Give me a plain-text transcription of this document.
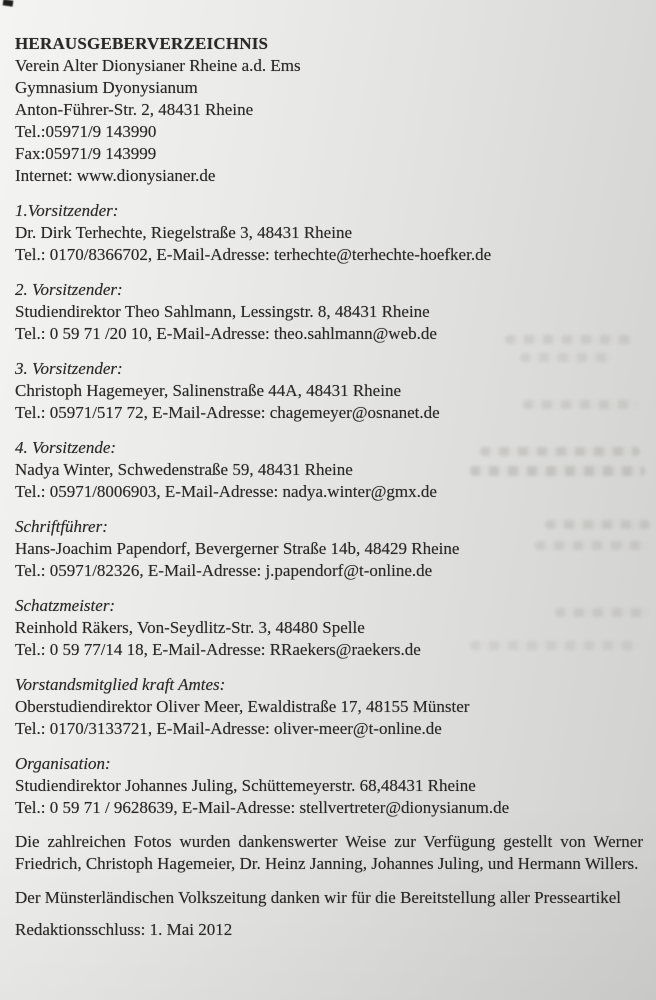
HERAUSGEBERVERZEICHNIS
Verein Alter Dionysianer Rheine a.d. Ems
Gymnasium Dyonysianum
Anton-Führer-Str. 2, 48431 Rheine
Tel.:05971/9 143990
Fax:05971/9 143999
Internet: www.dionysianer.de
1.Vorsitzender:
Dr. Dirk Terhechte, Riegelstraße 3, 48431 Rheine
Tel.: 0170/8366702, E-Mail-Adresse: terhechte@terhechte-hoefker.de
2. Vorsitzender:
Studiendirektor Theo Sahlmann, Lessingstr. 8, 48431 Rheine
Tel.: 0 59 71 /20 10, E-Mail-Adresse: theo.sahlmann@web.de
3. Vorsitzender:
Christoph Hagemeyer, Salinenstraße 44A, 48431 Rheine
Tel.: 05971/517 72, E-Mail-Adresse: chagemeyer@osnanet.de
4. Vorsitzende:
Nadya Winter, Schwedenstraße 59, 48431 Rheine
Tel.: 05971/8006903, E-Mail-Adresse: nadya.winter@gmx.de
Schriftführer:
Hans-Joachim Papendorf, Bevergerner Straße 14b, 48429 Rheine
Tel.: 05971/82326, E-Mail-Adresse: j.papendorf@t-online.de
Schatzmeister:
Reinhold Räkers, Von-Seydlitz-Str. 3, 48480 Spelle
Tel.: 0 59 77/14 18, E-Mail-Adresse: RRaekers@raekers.de
Vorstandsmitglied kraft Amtes:
Oberstudiendirektor Oliver Meer, Ewaldistraße 17, 48155 Münster
Tel.: 0170/3133721, E-Mail-Adresse: oliver-meer@t-online.de
Organisation:
Studiendirektor Johannes Juling, Schüttemeyerstr. 68,48431 Rheine
Tel.: 0 59 71 / 9628639, E-Mail-Adresse: stellvertreter@dionysianum.de

Die zahlreichen Fotos wurden dankenswerter Weise zur Verfügung gestellt von Werner Friedrich, Christoph Hagemeier, Dr. Heinz Janning, Johannes Juling, und Hermann Willers.

Der Münsterländischen Volkszeitung danken wir für die Bereitstellung aller Presseartikel

Redaktionsschluss: 1. Mai 2012
